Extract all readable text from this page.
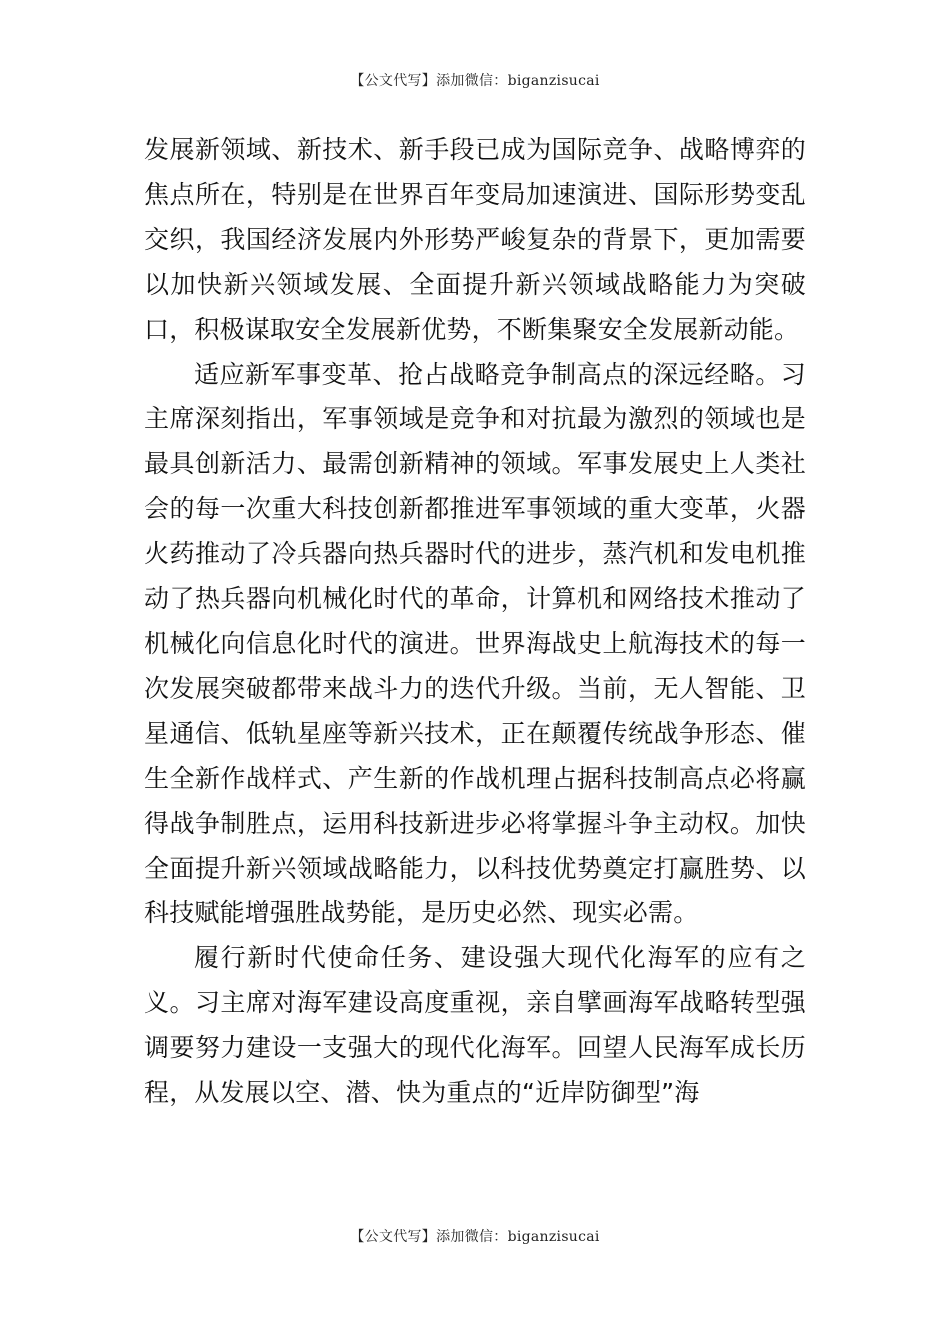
【公文代写】添加微信：biganzisucai

发展新领域、新技术、新手段已成为国际竞争、战略博弈的焦点所在，特别是在世界百年变局加速演进、国际形势变乱交织，我国经济发展内外形势严峻复杂的背景下，更加需要以加快新兴领域发展、全面提升新兴领域战略能力为突破口，积极谋取安全发展新优势，不断集聚安全发展新动能。

适应新军事变革、抢占战略竞争制高点的深远经略。习主席深刻指出，军事领域是竞争和对抗最为激烈的领域也是最具创新活力、最需创新精神的领域。军事发展史上人类社会的每一次重大科技创新都推进军事领域的重大变革，火器火药推动了冷兵器向热兵器时代的进步，蒸汽机和发电机推动了热兵器向机械化时代的革命，计算机和网络技术推动了机械化向信息化时代的演进。世界海战史上航海技术的每一次发展突破都带来战斗力的迭代升级。当前，无人智能、卫星通信、低轨星座等新兴技术，正在颠覆传统战争形态、催生全新作战样式、产生新的作战机理占据科技制高点必将赢得战争制胜点，运用科技新进步必将掌握斗争主动权。加快全面提升新兴领域战略能力，以科技优势奠定打赢胜势、以科技赋能增强胜战势能，是历史必然、现实必需。

履行新时代使命任务、建设强大现代化海军的应有之义。习主席对海军建设高度重视，亲自擘画海军战略转型强调要努力建设一支强大的现代化海军。回望人民海军成长历程，从发展以空、潜、快为重点的“近岸防御型”海

【公文代写】添加微信：biganzisucai
